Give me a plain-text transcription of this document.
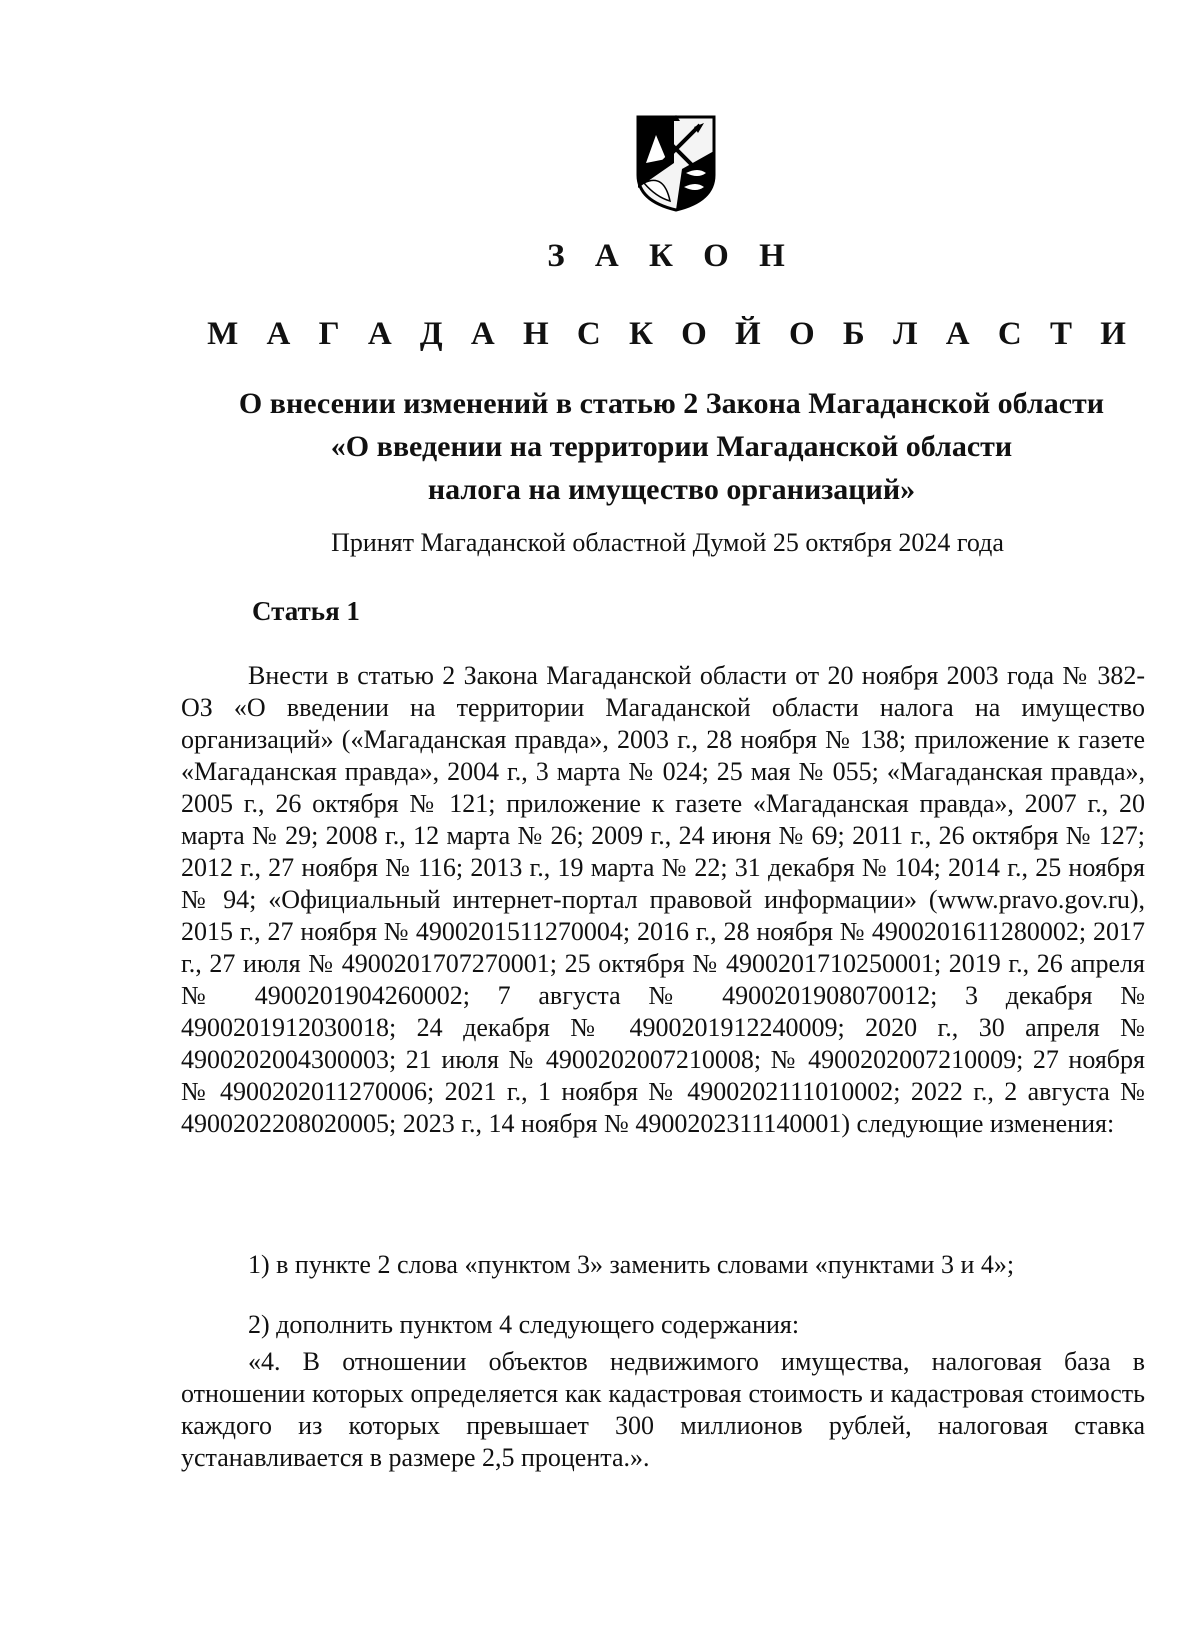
З А К О Н
М А Г А Д А Н С К О Й О Б Л А С Т И
О внесении изменений в статью 2 Закона Магаданской области
«О введении на территории Магаданской области
налога на имущество организаций»
Принят Магаданской областной Думой 25 октября 2024 года
Статья 1

Внести в статью 2 Закона Магаданской области от 20 ноября 2003 года № 382-ОЗ «О введении на территории Магаданской области налога на имущество организаций» («Магаданская правда», 2003 г., 28 ноября № 138; приложение к газете «Магаданская правда», 2004 г., 3 марта № 024; 25 мая № 055; «Магаданская правда», 2005 г., 26 октября № 121; приложение к газете «Магаданская правда», 2007 г., 20 марта № 29; 2008 г., 12 марта № 26; 2009 г., 24 июня № 69; 2011 г., 26 октября № 127; 2012 г., 27 ноября № 116; 2013 г., 19 марта № 22; 31 декабря № 104; 2014 г., 25 ноября № 94; «Официальный интернет-портал правовой информации» (www.pravo.gov.ru), 2015 г., 27 ноября № 4900201511270004; 2016 г., 28 ноября № 4900201611280002; 2017 г., 27 июля № 4900201707270001; 25 октября № 4900201710250001; 2019 г., 26 апреля № 4900201904260002; 7 августа № 4900201908070012; 3 декабря № 4900201912030018; 24 декабря № 4900201912240009; 2020 г., 30 апреля № 4900202004300003; 21 июля № 4900202007210008; № 4900202007210009; 27 ноября № 4900202011270006; 2021 г., 1 ноября № 4900202111010002; 2022 г., 2 августа № 4900202208020005; 2023 г., 14 ноября № 4900202311140001) следующие изменения:

1) в пункте 2 слова «пунктом 3» заменить словами «пунктами 3 и 4»;
2) дополнить пунктом 4 следующего содержания:

«4. В отношении объектов недвижимого имущества, налоговая база в отношении которых определяется как кадастровая стоимость и кадастровая стоимость каждого из которых превышает 300 миллионов рублей, налоговая ставка устанавливается в размере 2,5 процента.».
